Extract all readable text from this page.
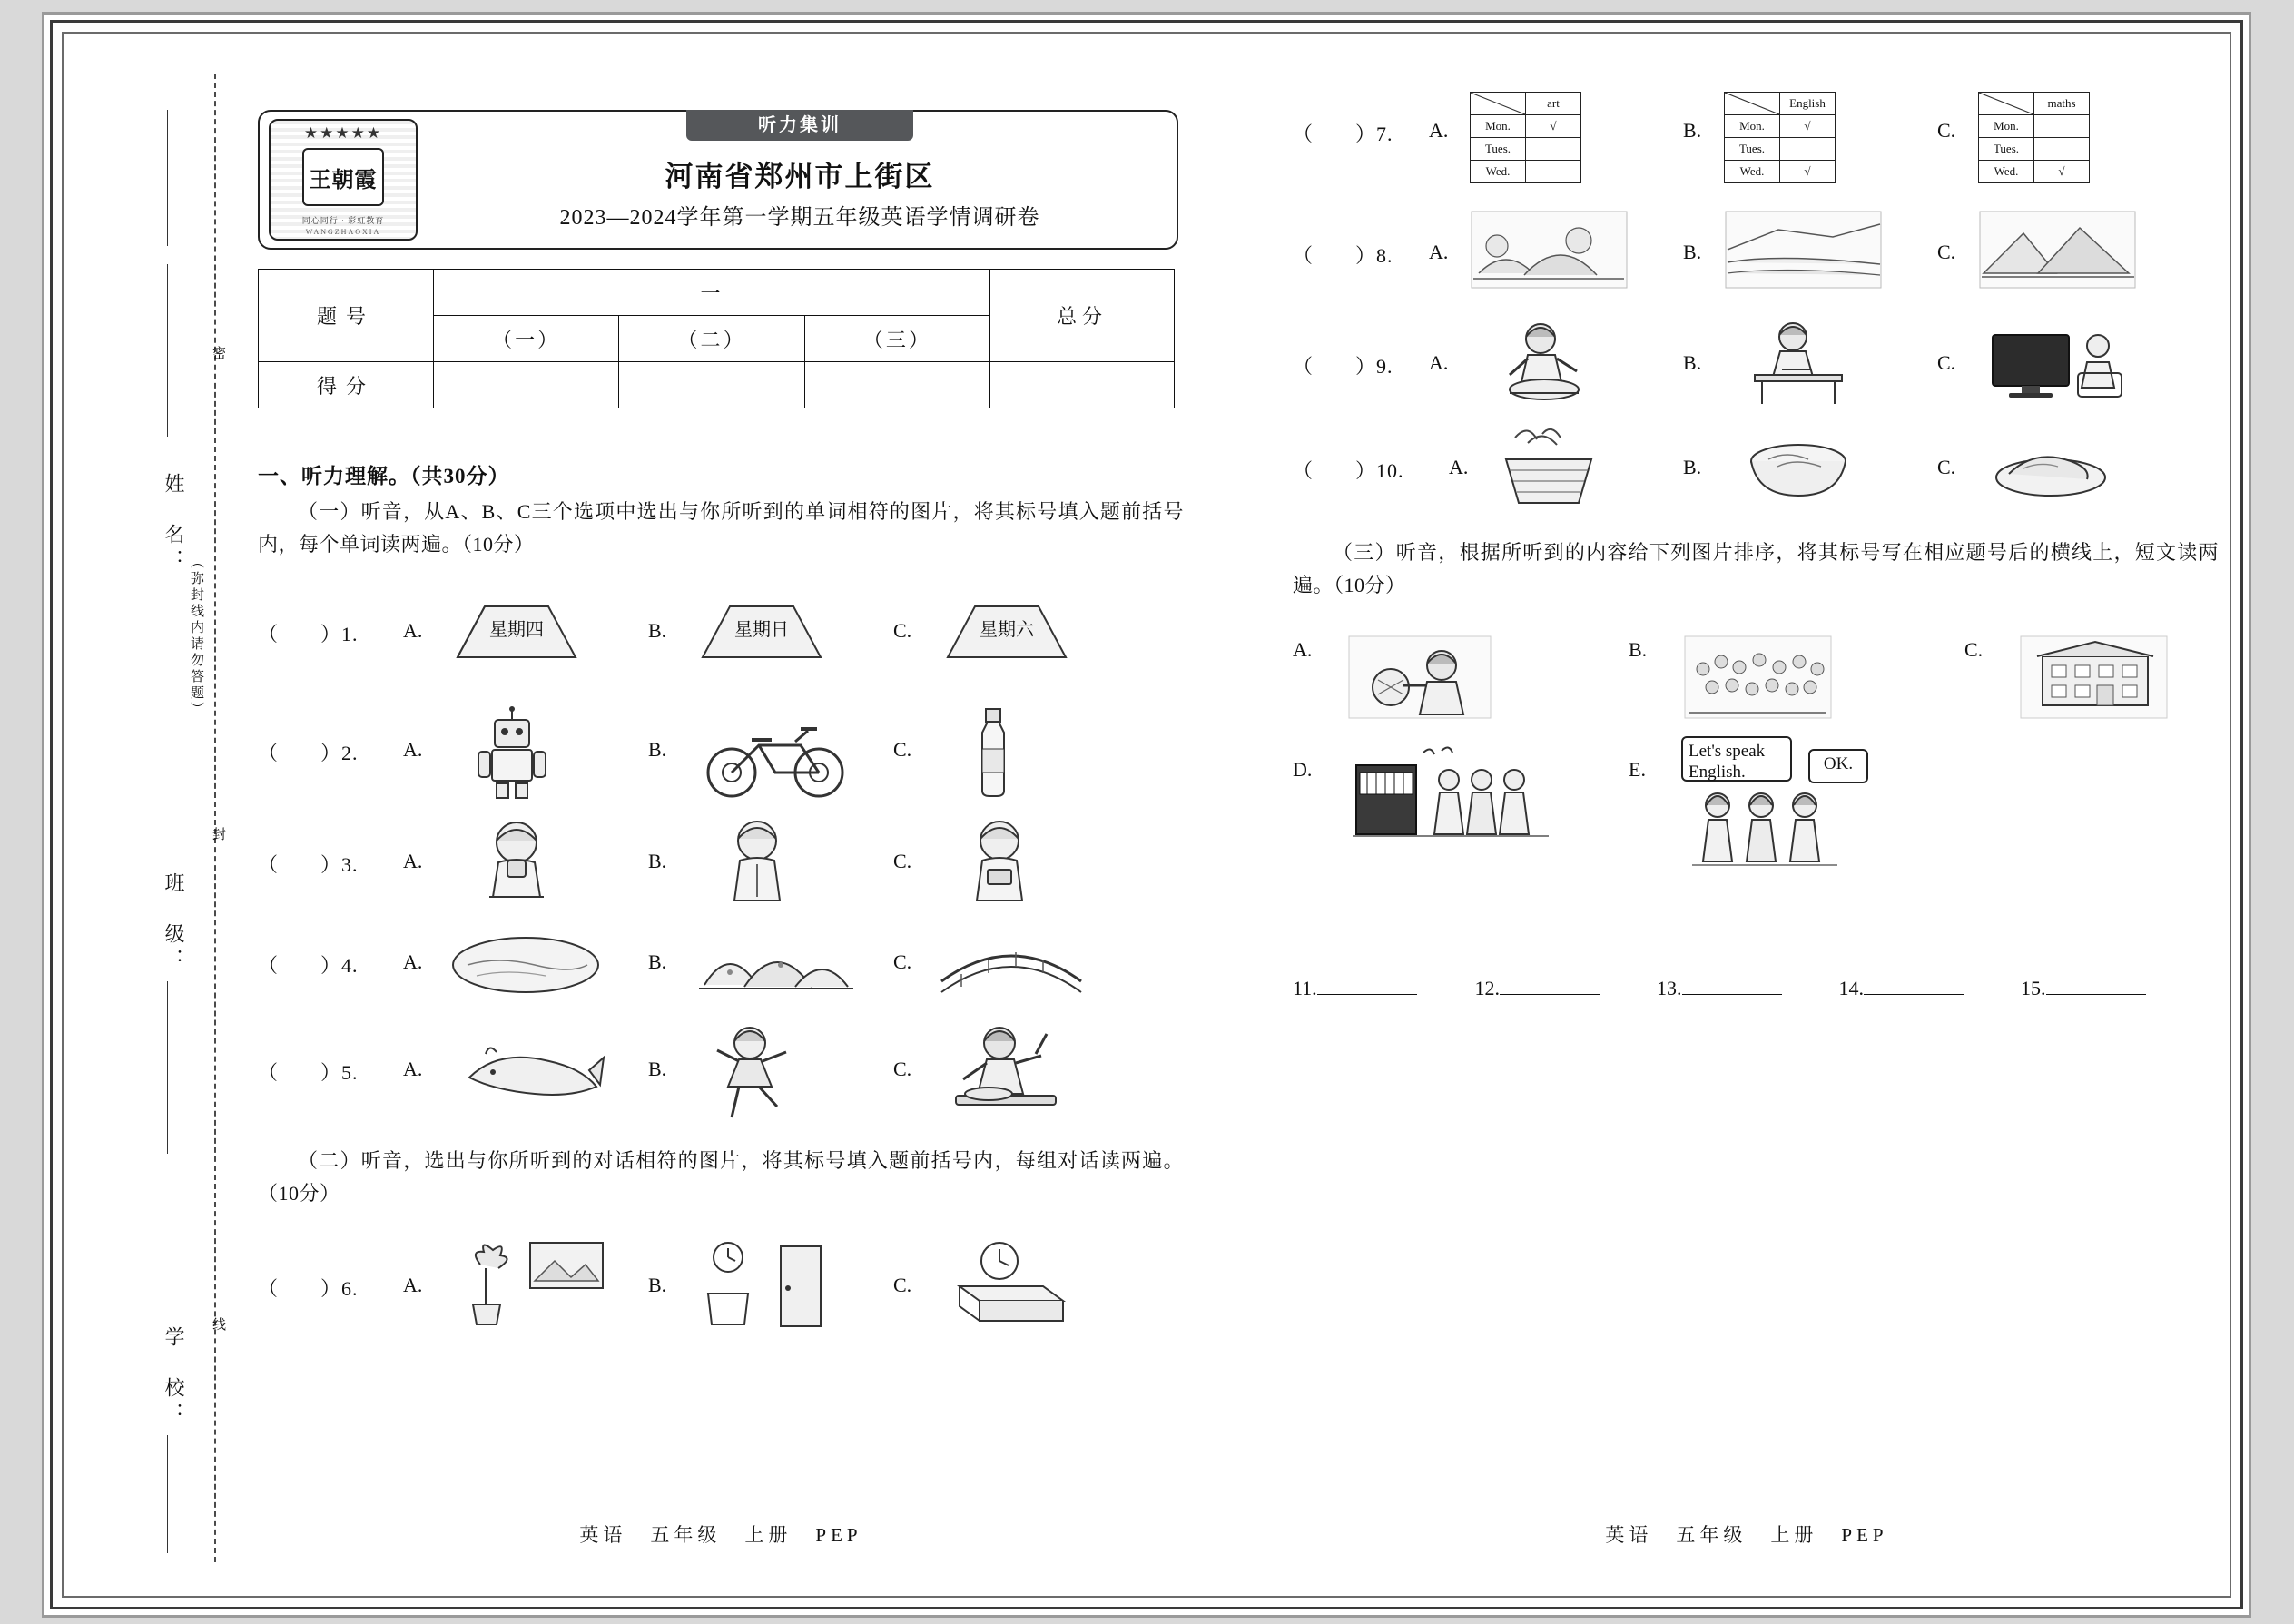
姓　名：
（弥封线内请勿答题）
班　级：
学　校：
密
封
线
★★★★★
王朝霞
同心同行 · 彩虹教育
WANGZHAOXIA
听力集训
河南省郑州市上街区
2023—2024学年第一学期五年级英语学情调研卷
题号	一			总分
	（一）	（二）	（三）	
得分				
一、听力理解。（共30分）
（一）听音，从A、B、C三个选项中选出与你所听到的单词相符的图片，将其标号填入题前括号内，每个单词读两遍。（10分）
（　　）1. A.	星期四	B.	星期日	C.	星期六
（　　）2. A.	B.	C.
（　　）3. A.	B.	C.
（　　）4. A.	B.	C.
（　　）5. A.	B.	C.
（二）听音，选出与你所听到的对话相符的图片，将其标号填入题前括号内，每组对话读两遍。（10分）
（　　）6. A.	B.	C.
英语　五年级　上册　PEP
（　　）7. A.
	art
Mon.	√
Tues.	
Wed.	
B.
	English
Mon.	√
Tues.	
Wed.	√
C.
	maths
Mon.	
Tues.	
Wed.	√
（　　）8. A.	B.	C.
（　　）9. A.	B.	C.
（　　）10. A.	B.	C.
（三）听音，根据所听到的内容给下列图片排序，将其标号写在相应题号后的横线上，短文读两遍。（10分）
A.	B.	C.
D.	E.
Let's speak English.	OK.
11.	12.	13.	14.	15.
英语　五年级　上册　PEP
